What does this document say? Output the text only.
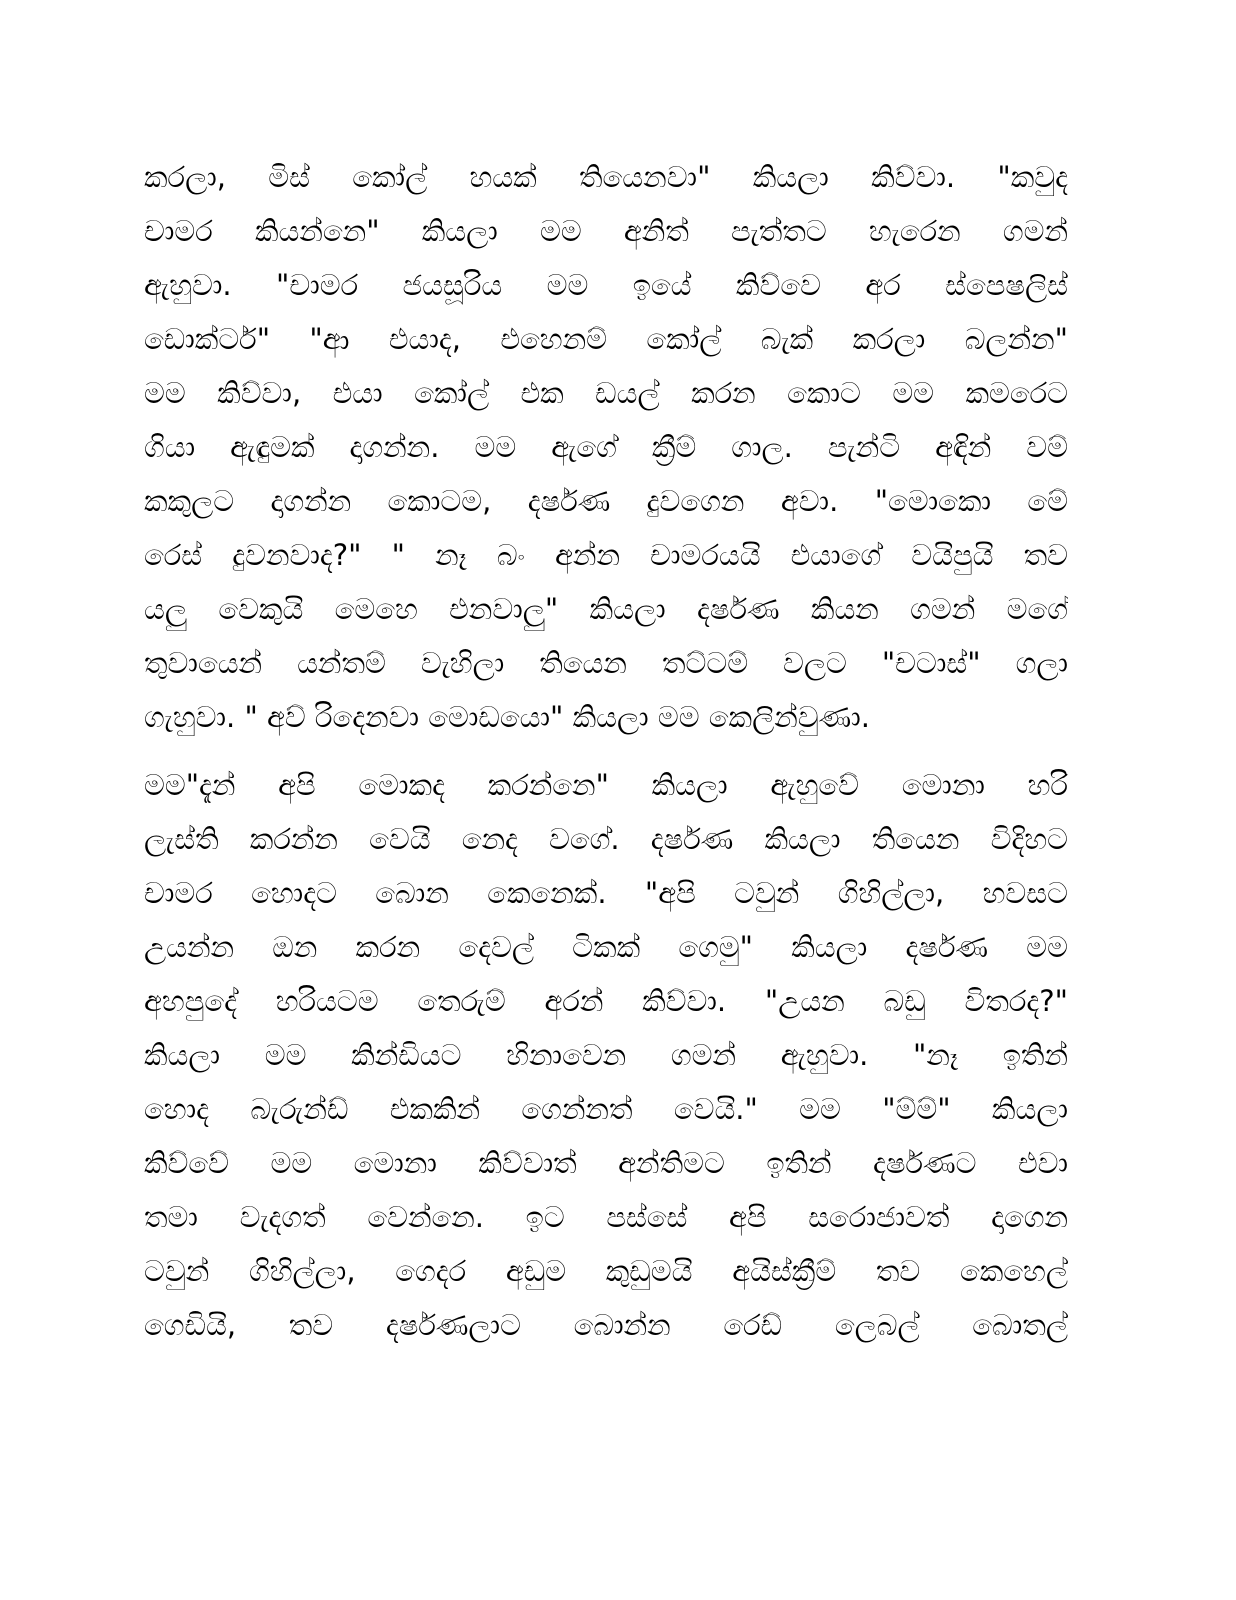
කරලා, මිස් කෝල් හයක් තියෙනවා" කියලා කිව්වා. "කවුද
චාමර කියන්නෙ" කියලා මම අනිත් පැත්තට හැරෙන ගමන්
ඇහුවා. "චාමර ජයසූරිය මම ඉයේ කිව්වෙ අර ස්පෙෂලිස්
ඩොක්ටර්" "ආ එයාද, එහෙනම් කෝල් බැක් කරලා බලන්න"
මම කිව්වා, එයා කෝල් එක ඩයල් කරන කොට මම කමරෙට
ගියා ඇඳුමක් දාගන්න. මම ඇගේ ක්‍රීම් ගාල. පැන්ටි අඳින් වම්
කකුලට දාගන්න කොටම, දර්ෂණ දුවගෙන අවා. "මොකො මේ
රෙස් දුවනවාද?" " නෑ බං අන්න චාමරයයි එයාගේ වයිපුයි තව
යලු වෙකුයි මෙහෙ එනවාලු" කියලා දර්ෂණ කියන ගමන් මගේ
තුවායෙන් යන්තම් වැහිලා තියෙන තට්ටම් වලට "චටාස්" ගලා
ගැහුවා. " අව් රිදෙනවා මොඩයො" කියලා මම කෙලින්වුණා.
මම"දැන් අපි මොකද කරන්නෙ" කියලා ඇහුවේ මොනා හරි
ලැස්ති කරන්න වෙයි නෙද වගේ. දර්ෂණ කියලා තියෙන විදිහට
චාමර හොදට බොන කෙනෙක්. "අපි ටවුන් ගිහිල්ලා, හවසට
උයන්න ඔන කරන දෙවල් ටිකක් ගෙමු" කියලා දර්ෂණ මම
අහපුදේ හරියටම තෙරුම් අරන් කිව්වා. "උයන බඩු විතරද?"
කියලා මම කින්ඩියට හිනාවෙන ගමන් ඇහුවා. "නෑ ඉතින්
හොද බැරුන්ඩ් එකකින් ගෙන්නත් වෙයි." මම "ම්ම්" කියලා
කිව්වේ මම මොනා කිව්වාත් අන්තිමට ඉතින් දර්ෂණට එවා
තමා වැදගත් වෙන්නෙ. ඉට පස්සේ අපි සරොජාවත් දාගෙන
ටවුන් ගිහිල්ලා, ගෙදර අඩුම කුඩුමයි අයිස්ක්‍රීම් තව කෙහෙල්
ගෙඩියි, තව දර්ෂණලාට බොන්න රෙඩ් ලෙබල් බොතල්
